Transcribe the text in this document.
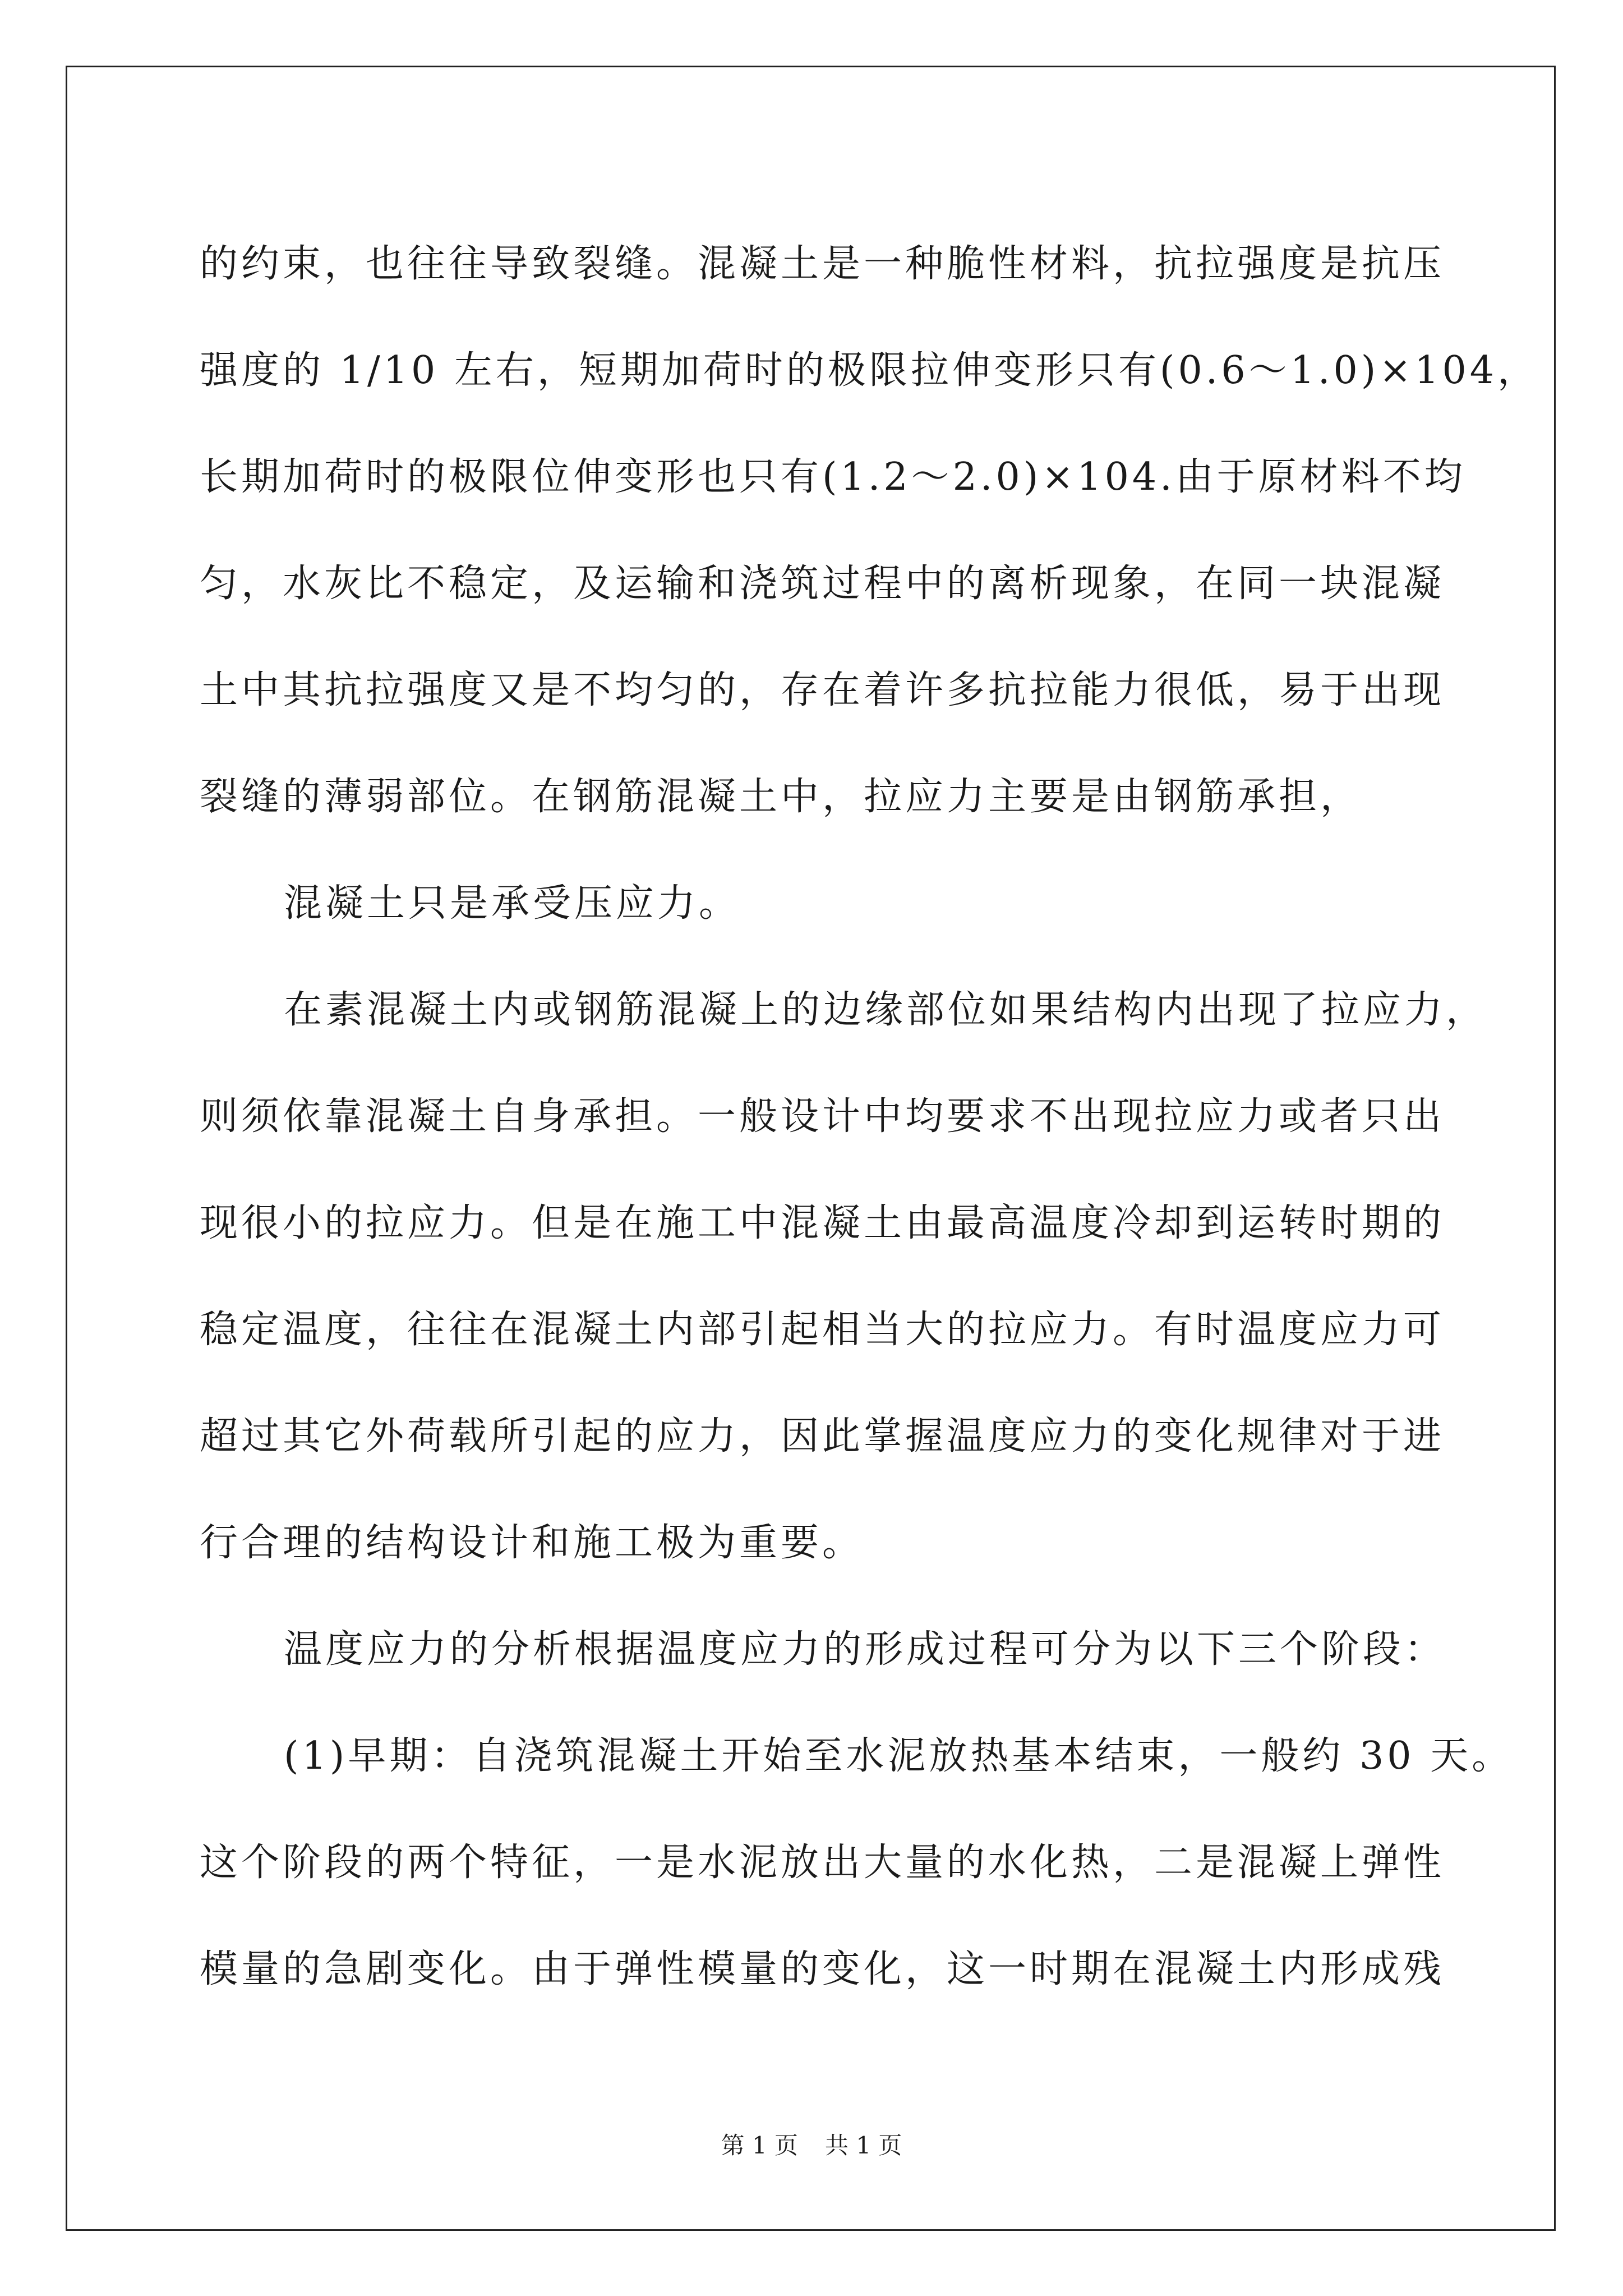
的约束，也往往导致裂缝。混凝土是一种脆性材料，抗拉强度是抗压
强度的 1/10 左右，短期加荷时的极限拉伸变形只有(0.6～1.0)×104，
长期加荷时的极限位伸变形也只有(1.2～2.0)×104.由于原材料不均
匀，水灰比不稳定，及运输和浇筑过程中的离析现象，在同一块混凝
土中其抗拉强度又是不均匀的，存在着许多抗拉能力很低，易于出现
裂缝的薄弱部位。在钢筋混凝土中，拉应力主要是由钢筋承担，
混凝土只是承受压应力。
在素混凝土内或钢筋混凝上的边缘部位如果结构内出现了拉应力，
则须依靠混凝土自身承担。一般设计中均要求不出现拉应力或者只出
现很小的拉应力。但是在施工中混凝土由最高温度冷却到运转时期的
稳定温度，往往在混凝土内部引起相当大的拉应力。有时温度应力可
超过其它外荷载所引起的应力，因此掌握温度应力的变化规律对于进
行合理的结构设计和施工极为重要。
温度应力的分析根据温度应力的形成过程可分为以下三个阶段：
(1)早期：自浇筑混凝土开始至水泥放热基本结束，一般约 30 天。
这个阶段的两个特征，一是水泥放出大量的水化热，二是混凝上弹性
模量的急剧变化。由于弹性模量的变化，这一时期在混凝土内形成残
第 1 页 共 1 页
